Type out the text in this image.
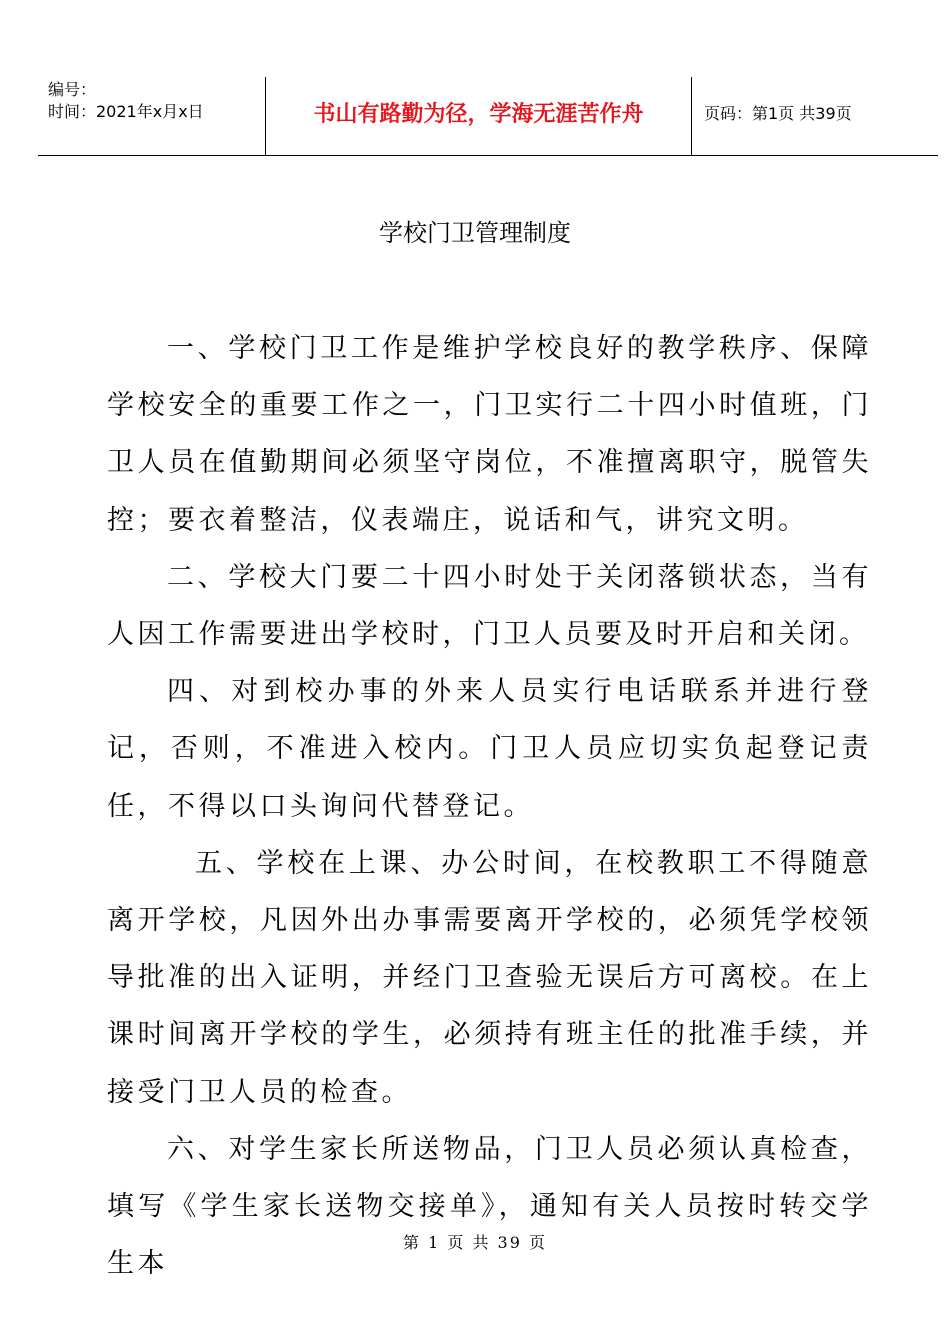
编号：
时间：2021年x月x日	书山有路勤为径，学海无涯苦作舟	页码：第1页 共39页
学校门卫管理制度

一、学校门卫工作是维护学校良好的教学秩序、保障学校安全的重要工作之一，门卫实行二十四小时值班，门卫人员在值勤期间必须坚守岗位，不准擅离职守，脱管失控；要衣着整洁，仪表端庄，说话和气，讲究文明。

二、学校大门要二十四小时处于关闭落锁状态，当有人因工作需要进出学校时，门卫人员要及时开启和关闭。

四、对到校办事的外来人员实行电话联系并进行登记，否则，不准进入校内。门卫人员应切实负起登记责任，不得以口头询问代替登记。

五、学校在上课、办公时间，在校教职工不得随意离开学校，凡因外出办事需要离开学校的，必须凭学校领导批准的出入证明，并经门卫查验无误后方可离校。在上课时间离开学校的学生，必须持有班主任的批准手续，并接受门卫人员的检查。

六、对学生家长所送物品，门卫人员必须认真检查，填写《学生家长送物交接单》，通知有关人员按时转交学生本

第 1 页 共 39 页
